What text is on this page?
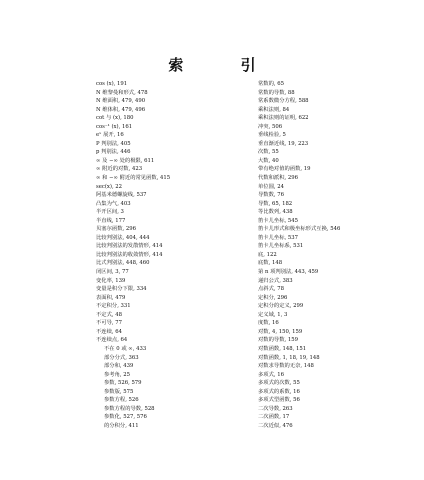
索 引
cos (x), 191
N 维黎曼和形式, 478
N 维面积, 479, 490
N 维体积, 479, 496
cot 与 (x), 180
cos⁻¹ (x), 161
eˣ 展开, 16
P 判别法, 405
p 判别法, 446
∞ 及 −∞ 处的极限, 611
∞ 附近的对数, 423
∞ 和 −∞ 附近的常见函数, 415
sec(x), 22
阿基米德螺旋线, 537
凸集为气, 403
半开区间, 3
半直线, 177
贝塞尔函数, 296
比较判别法, 404, 444
比较判别法的发散情形, 414
比较判别法的收敛情形, 414
比式判别法, 448, 460
闭区间, 3, 77
变化率, 139
变量是积分下限, 334
表面积, 479
不定积分, 331
不定式, 48
不可导, 77
不连续, 64
不连续点, 64
不在 0 或 ∞, 433
部分分式, 363
部分和, 439
参考角, 25
参数, 526, 579
参数版, 575
参数方程, 526
参数方程的导数, 528
参数化, 527, 576
的分积分, 411
常数的, 65
常数的导数, 88
常系数微分方程, 588
乘积法则, 84
乘积法则的证明, 622
冲突, 506
垂线检验, 5
垂直渐近线, 19, 223
次数, 55
大数, 40
带有绝对值的函数, 19
代数和派积, 296
单位圆, 24
导数数, 76
导数, 65, 182
等比数列, 438
笛卡儿坐标, 545
笛卡儿形式和极坐标形式互换, 546
笛卡儿坐标, 537
笛卡儿坐标系, 531
底, 122
底数, 148
第 n 项判别法, 443, 459
递归公式, 383
点斜式, 78
定积分, 296
定积分的定义, 299
定义域, 1, 3
度数, 16
对数, 4, 150, 159
对数的导数, 159
对数函数, 148, 151
对数函数, 1, 18, 19, 148
对数求导数的无奈, 148
多项式, 16
多项式的次数, 55
多项式的系数, 16
多项式型函数, 56
二次导数, 263
二次函数, 17
二次近似, 476
